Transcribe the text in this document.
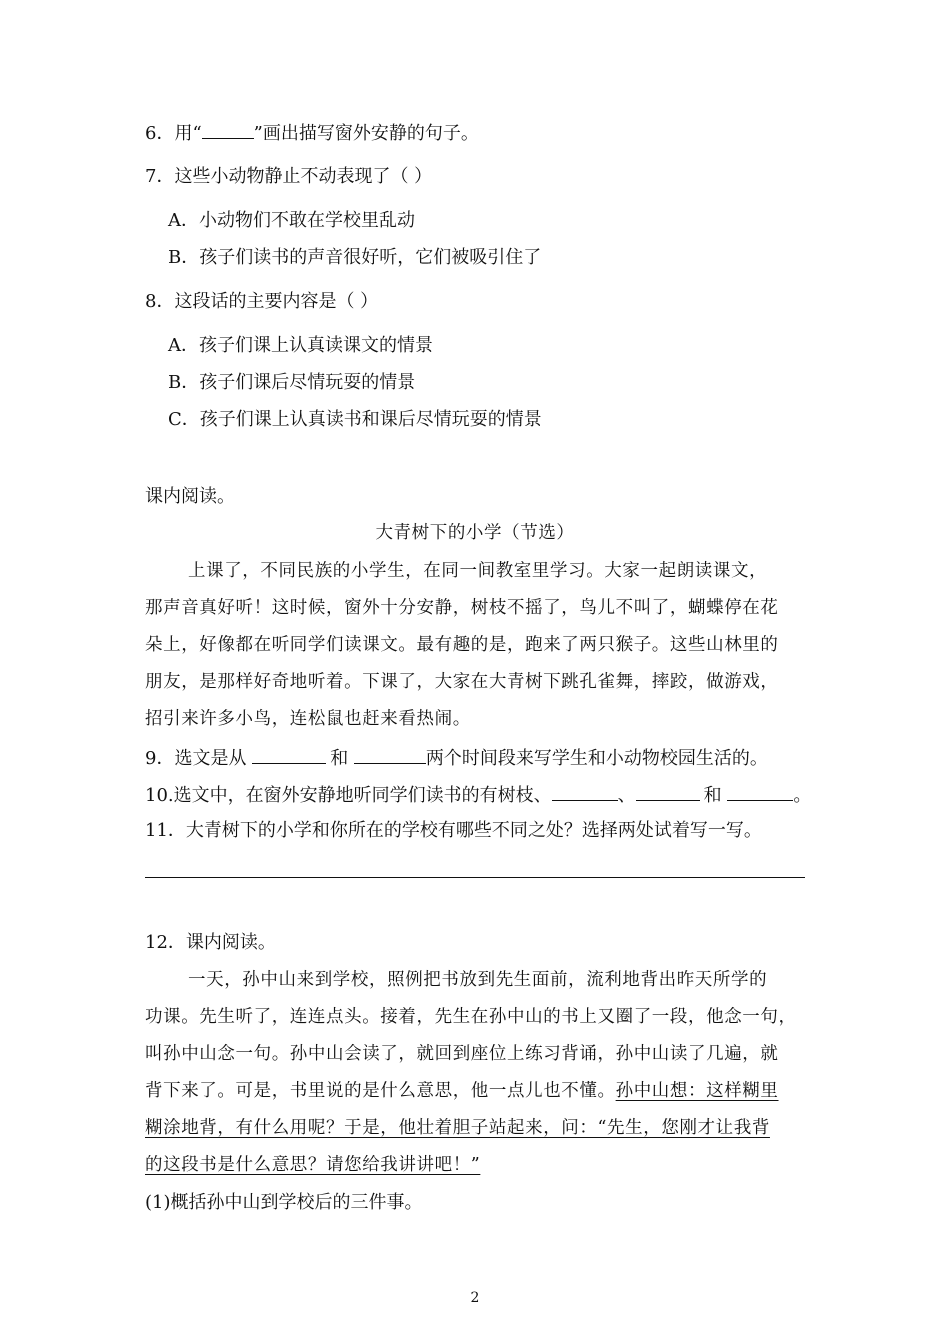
6．用“	”画出描写窗外安静的句子。
7．这些小动物静止不动表现了（ ）
A．小动物们不敢在学校里乱动
B．孩子们读书的声音很好听，它们被吸引住了
8．这段话的主要内容是（ ）
A．孩子们课上认真读课文的情景
B．孩子们课后尽情玩耍的情景
C．孩子们课上认真读书和课后尽情玩耍的情景
课内阅读。
大青树下的小学（节选）
上课了，不同民族的小学生，在同一间教室里学习。大家一起朗读课文，
那声音真好听！这时候，窗外十分安静，树枝不摇了，鸟儿不叫了，蝴蝶停在花
朵上，好像都在听同学们读课文。最有趣的是，跑来了两只猴子。这些山林里的
朋友，是那样好奇地听着。下课了，大家在大青树下跳孔雀舞，摔跤，做游戏，
招引来许多小鸟，连松鼠也赶来看热闹。
9．选文是从	和	两个时间段来写学生和小动物校园生活的。
10.选文中，在窗外安静地听同学们读书的有树枝、	、	和	。
11．大青树下的小学和你所在的学校有哪些不同之处？选择两处试着写一写。
12．课内阅读。
一天，孙中山来到学校，照例把书放到先生面前，流利地背出昨天所学的
功课。先生听了，连连点头。接着，先生在孙中山的书上又圈了一段，他念一句，
叫孙中山念一句。孙中山会读了，就回到座位上练习背诵，孙中山读了几遍，就
背下来了。可是，书里说的是什么意思，他一点儿也不懂。孙中山想：这样糊里
糊涂地背，有什么用呢？于是，他壮着胆子站起来，问：“先生，您刚才让我背
的这段书是什么意思？请您给我讲讲吧！”
(1)概括孙中山到学校后的三件事。
2
